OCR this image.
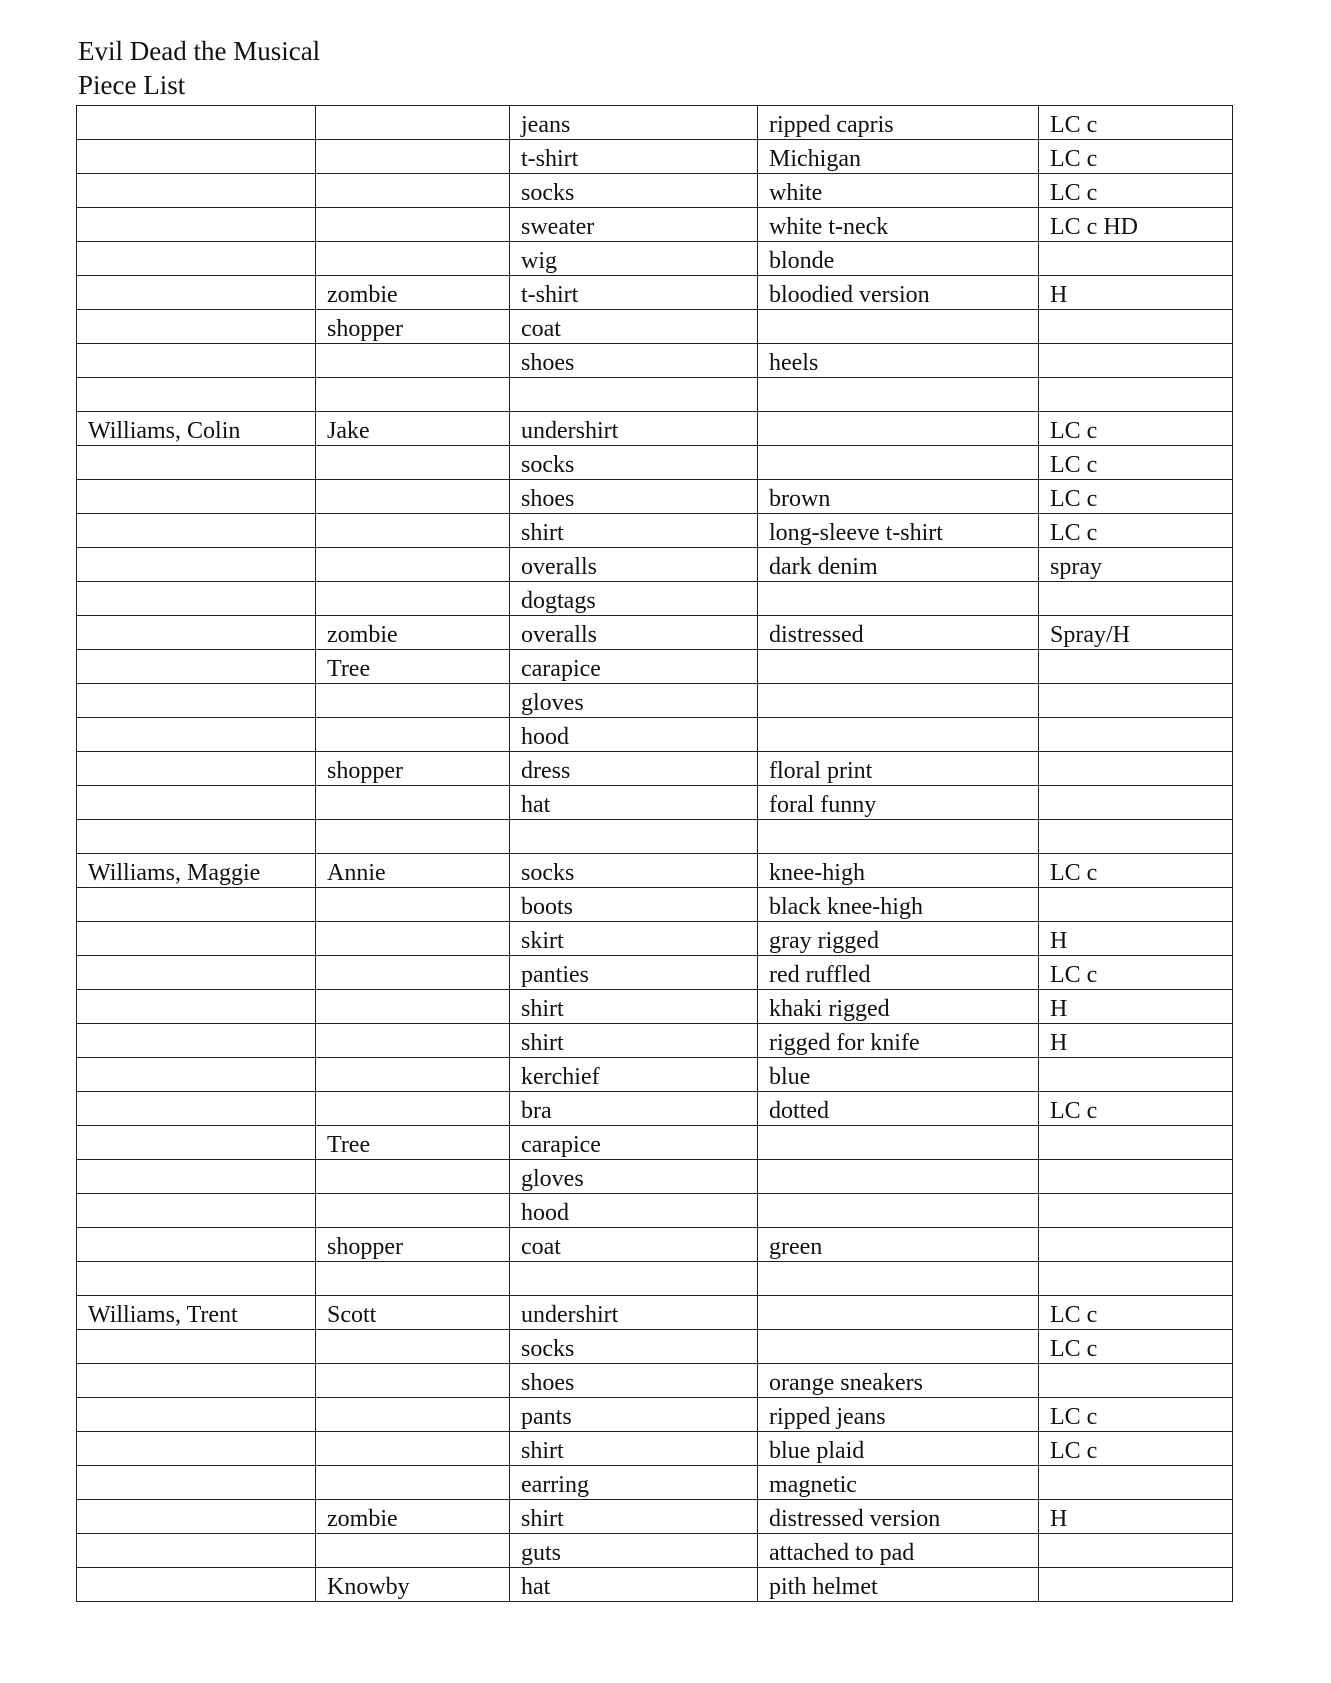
Evil Dead the Musical
Piece List
		jeans	ripped capris	LC c
		t-shirt	Michigan	LC c
		socks	white	LC c
		sweater	white t-neck	LC c HD
		wig	blonde	
	zombie	t-shirt	bloodied version	H
	shopper	coat		
		shoes	heels	

Williams, Colin	Jake	undershirt		LC c
		socks		LC c
		shoes	brown	LC c
		shirt	long-sleeve t-shirt	LC c
		overalls	dark denim	spray
		dogtags		
	zombie	overalls	distressed	Spray/H
	Tree	carapice		
		gloves		
		hood		
	shopper	dress	floral print	
		hat	foral funny	

Williams, Maggie	Annie	socks	knee-high	LC c
		boots	black knee-high	
		skirt	gray rigged	H
		panties	red ruffled	LC c
		shirt	khaki rigged	H
		shirt	rigged for knife	H
		kerchief	blue	
		bra	dotted	LC c
	Tree	carapice		
		gloves		
		hood		
	shopper	coat	green	

Williams, Trent	Scott	undershirt		LC c
		socks		LC c
		shoes	orange sneakers	
		pants	ripped jeans	LC c
		shirt	blue plaid	LC c
		earring	magnetic	
	zombie	shirt	distressed version	H
		guts	attached to pad	
	Knowby	hat	pith helmet	
